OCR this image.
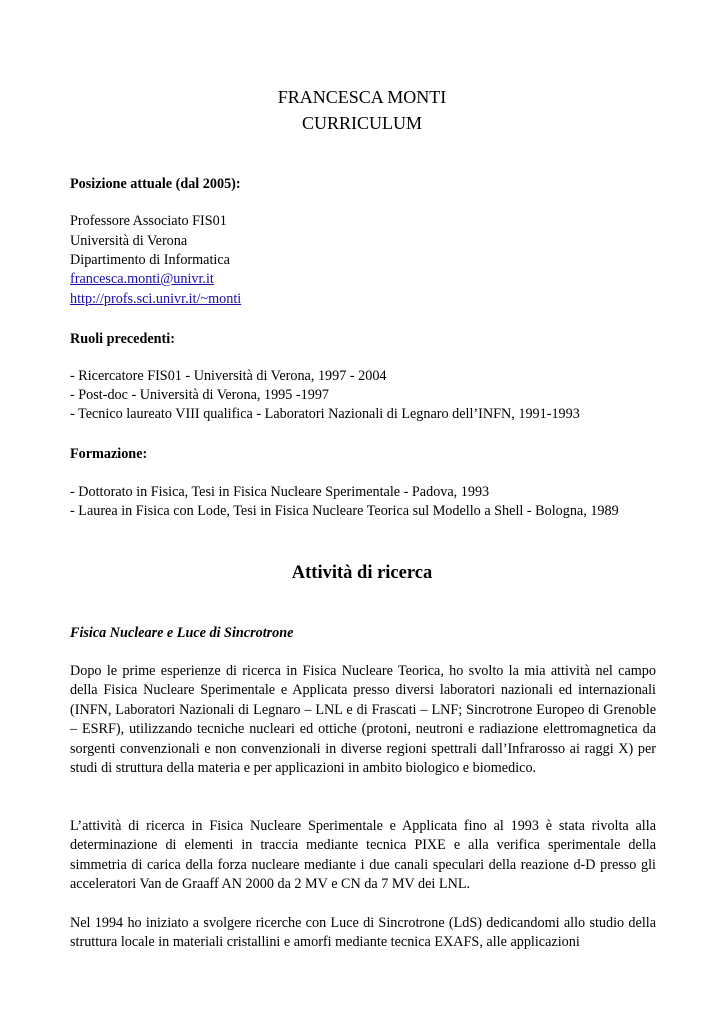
FRANCESCA MONTI
CURRICULUM
Posizione attuale (dal 2005):
Professore Associato FIS01
Università di Verona
Dipartimento di Informatica
francesca.monti@univr.it
http://profs.sci.univr.it/~monti
Ruoli precedenti:
- Ricercatore FIS01 - Università di Verona, 1997 - 2004
- Post-doc - Università di Verona, 1995 -1997
- Tecnico laureato VIII qualifica - Laboratori Nazionali di Legnaro dell’INFN, 1991-1993
Formazione:
- Dottorato in Fisica, Tesi in Fisica Nucleare Sperimentale - Padova, 1993
- Laurea in Fisica con Lode, Tesi in Fisica Nucleare Teorica sul Modello a Shell - Bologna, 1989
Attività di ricerca
Fisica Nucleare e Luce di Sincrotrone
Dopo le prime esperienze di ricerca in Fisica Nucleare Teorica, ho svolto la mia attività nel campo della Fisica Nucleare Sperimentale e Applicata presso diversi laboratori nazionali ed internazionali (INFN, Laboratori Nazionali di Legnaro – LNL e di Frascati – LNF; Sincrotrone Europeo di Grenoble – ESRF), utilizzando tecniche nucleari ed ottiche (protoni, neutroni e radiazione elettromagnetica da sorgenti convenzionali e non convenzionali in diverse regioni spettrali dall’Infrarosso ai raggi X) per studi di struttura della materia e per applicazioni in ambito biologico e biomedico.
L’attività di ricerca in Fisica Nucleare Sperimentale e Applicata fino al 1993 è stata rivolta alla determinazione di elementi in traccia mediante tecnica PIXE e alla verifica sperimentale della simmetria di carica della forza nucleare mediante i due canali speculari della reazione d-D presso gli acceleratori Van de Graaff AN 2000 da 2 MV e CN da 7 MV dei LNL.
Nel 1994 ho iniziato a svolgere ricerche con Luce di Sincrotrone (LdS) dedicandomi allo studio della struttura locale in materiali cristallini e amorfi mediante tecnica EXAFS, alle applicazioni
